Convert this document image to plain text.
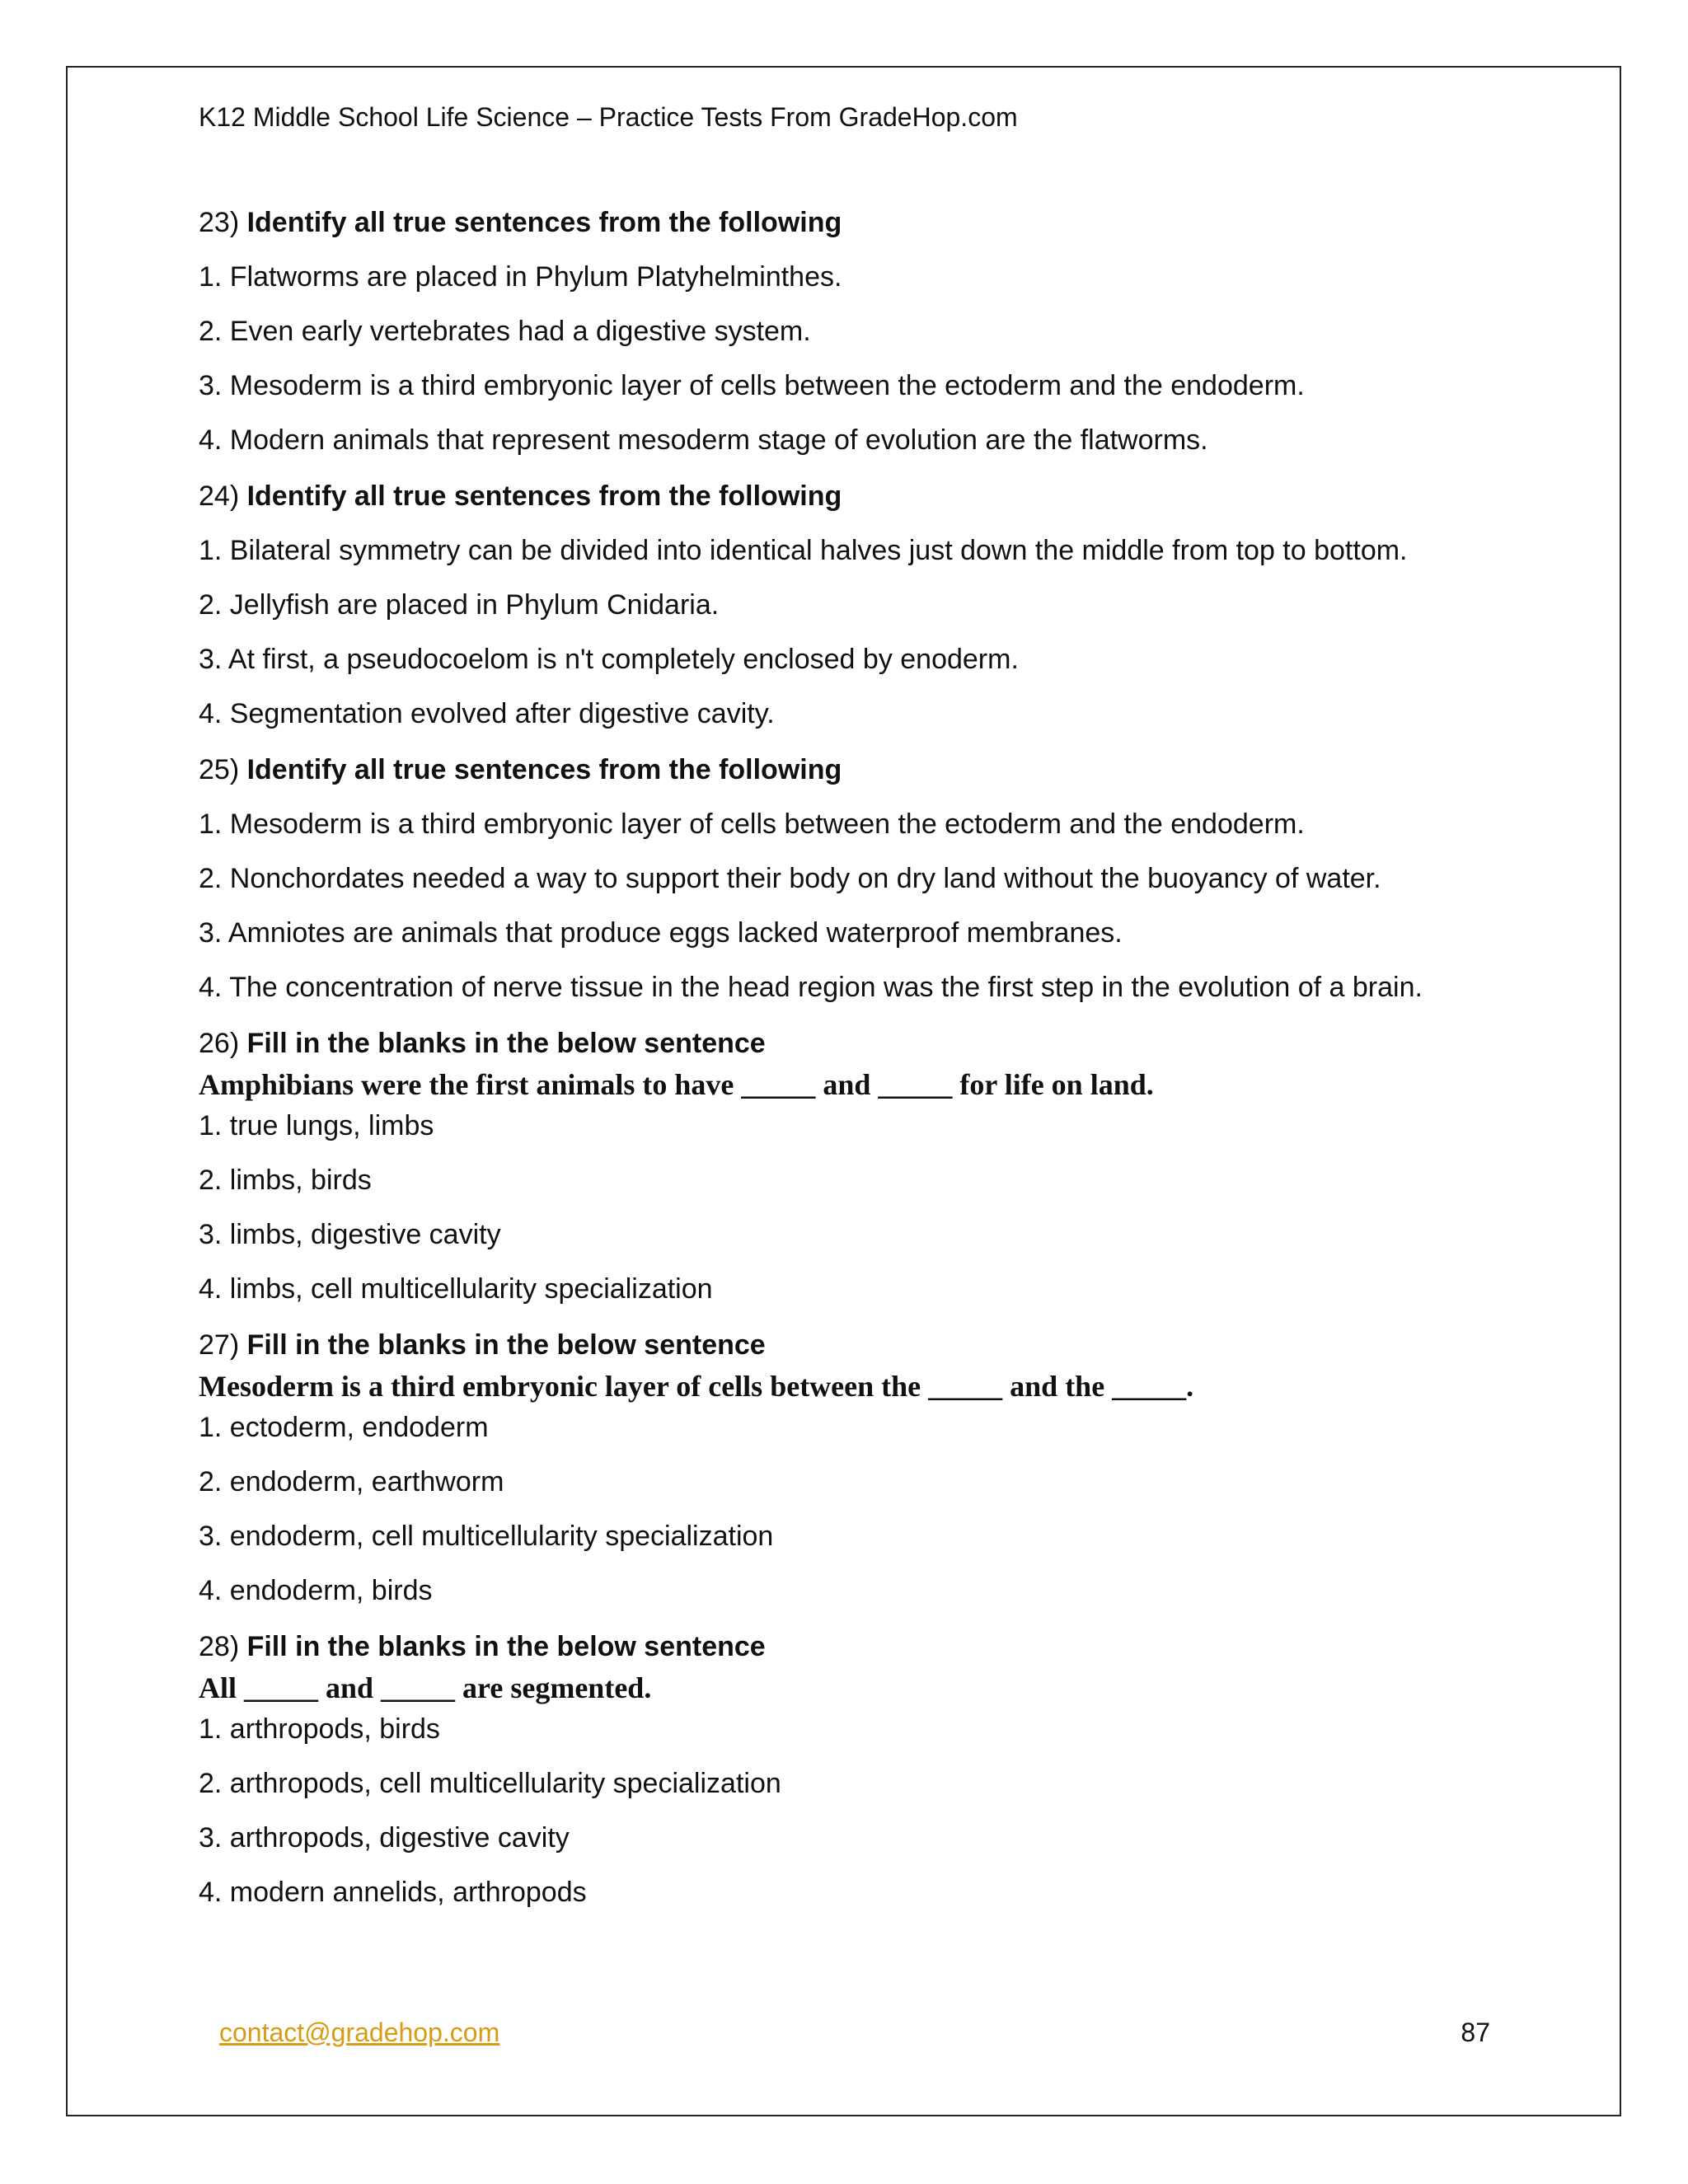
K12 Middle School Life Science – Practice Tests From GradeHop.com
23) Identify all true sentences from the following
1. Flatworms are placed in Phylum Platyhelminthes.
2. Even early vertebrates had a digestive system.
3. Mesoderm is a third embryonic layer of cells between the ectoderm and the endoderm.
4. Modern animals that represent mesoderm stage of evolution are the flatworms.
24) Identify all true sentences from the following
1. Bilateral symmetry can be divided into identical halves just down the middle from top to bottom.
2. Jellyfish are placed in Phylum Cnidaria.
3. At first, a pseudocoelom is n't completely enclosed by enoderm.
4. Segmentation evolved after digestive cavity.
25) Identify all true sentences from the following
1. Mesoderm is a third embryonic layer of cells between the ectoderm and the endoderm.
2. Nonchordates needed a way to support their body on dry land without the buoyancy of water.
3. Amniotes are animals that produce eggs lacked waterproof membranes.
4. The concentration of nerve tissue in the head region was the first step in the evolution of a brain.
26) Fill in the blanks in the below sentence
Amphibians were the first animals to have _____ and _____ for life on land.
1. true lungs, limbs
2. limbs, birds
3. limbs, digestive cavity
4. limbs, cell multicellularity specialization
27) Fill in the blanks in the below sentence
Mesoderm is a third embryonic layer of cells between the _____ and the _____.
1. ectoderm, endoderm
2. endoderm, earthworm
3. endoderm, cell multicellularity specialization
4. endoderm, birds
28) Fill in the blanks in the below sentence
All _____ and _____ are segmented.
1. arthropods, birds
2. arthropods, cell multicellularity specialization
3. arthropods, digestive cavity
4. modern annelids, arthropods
contact@gradehop.com	87
